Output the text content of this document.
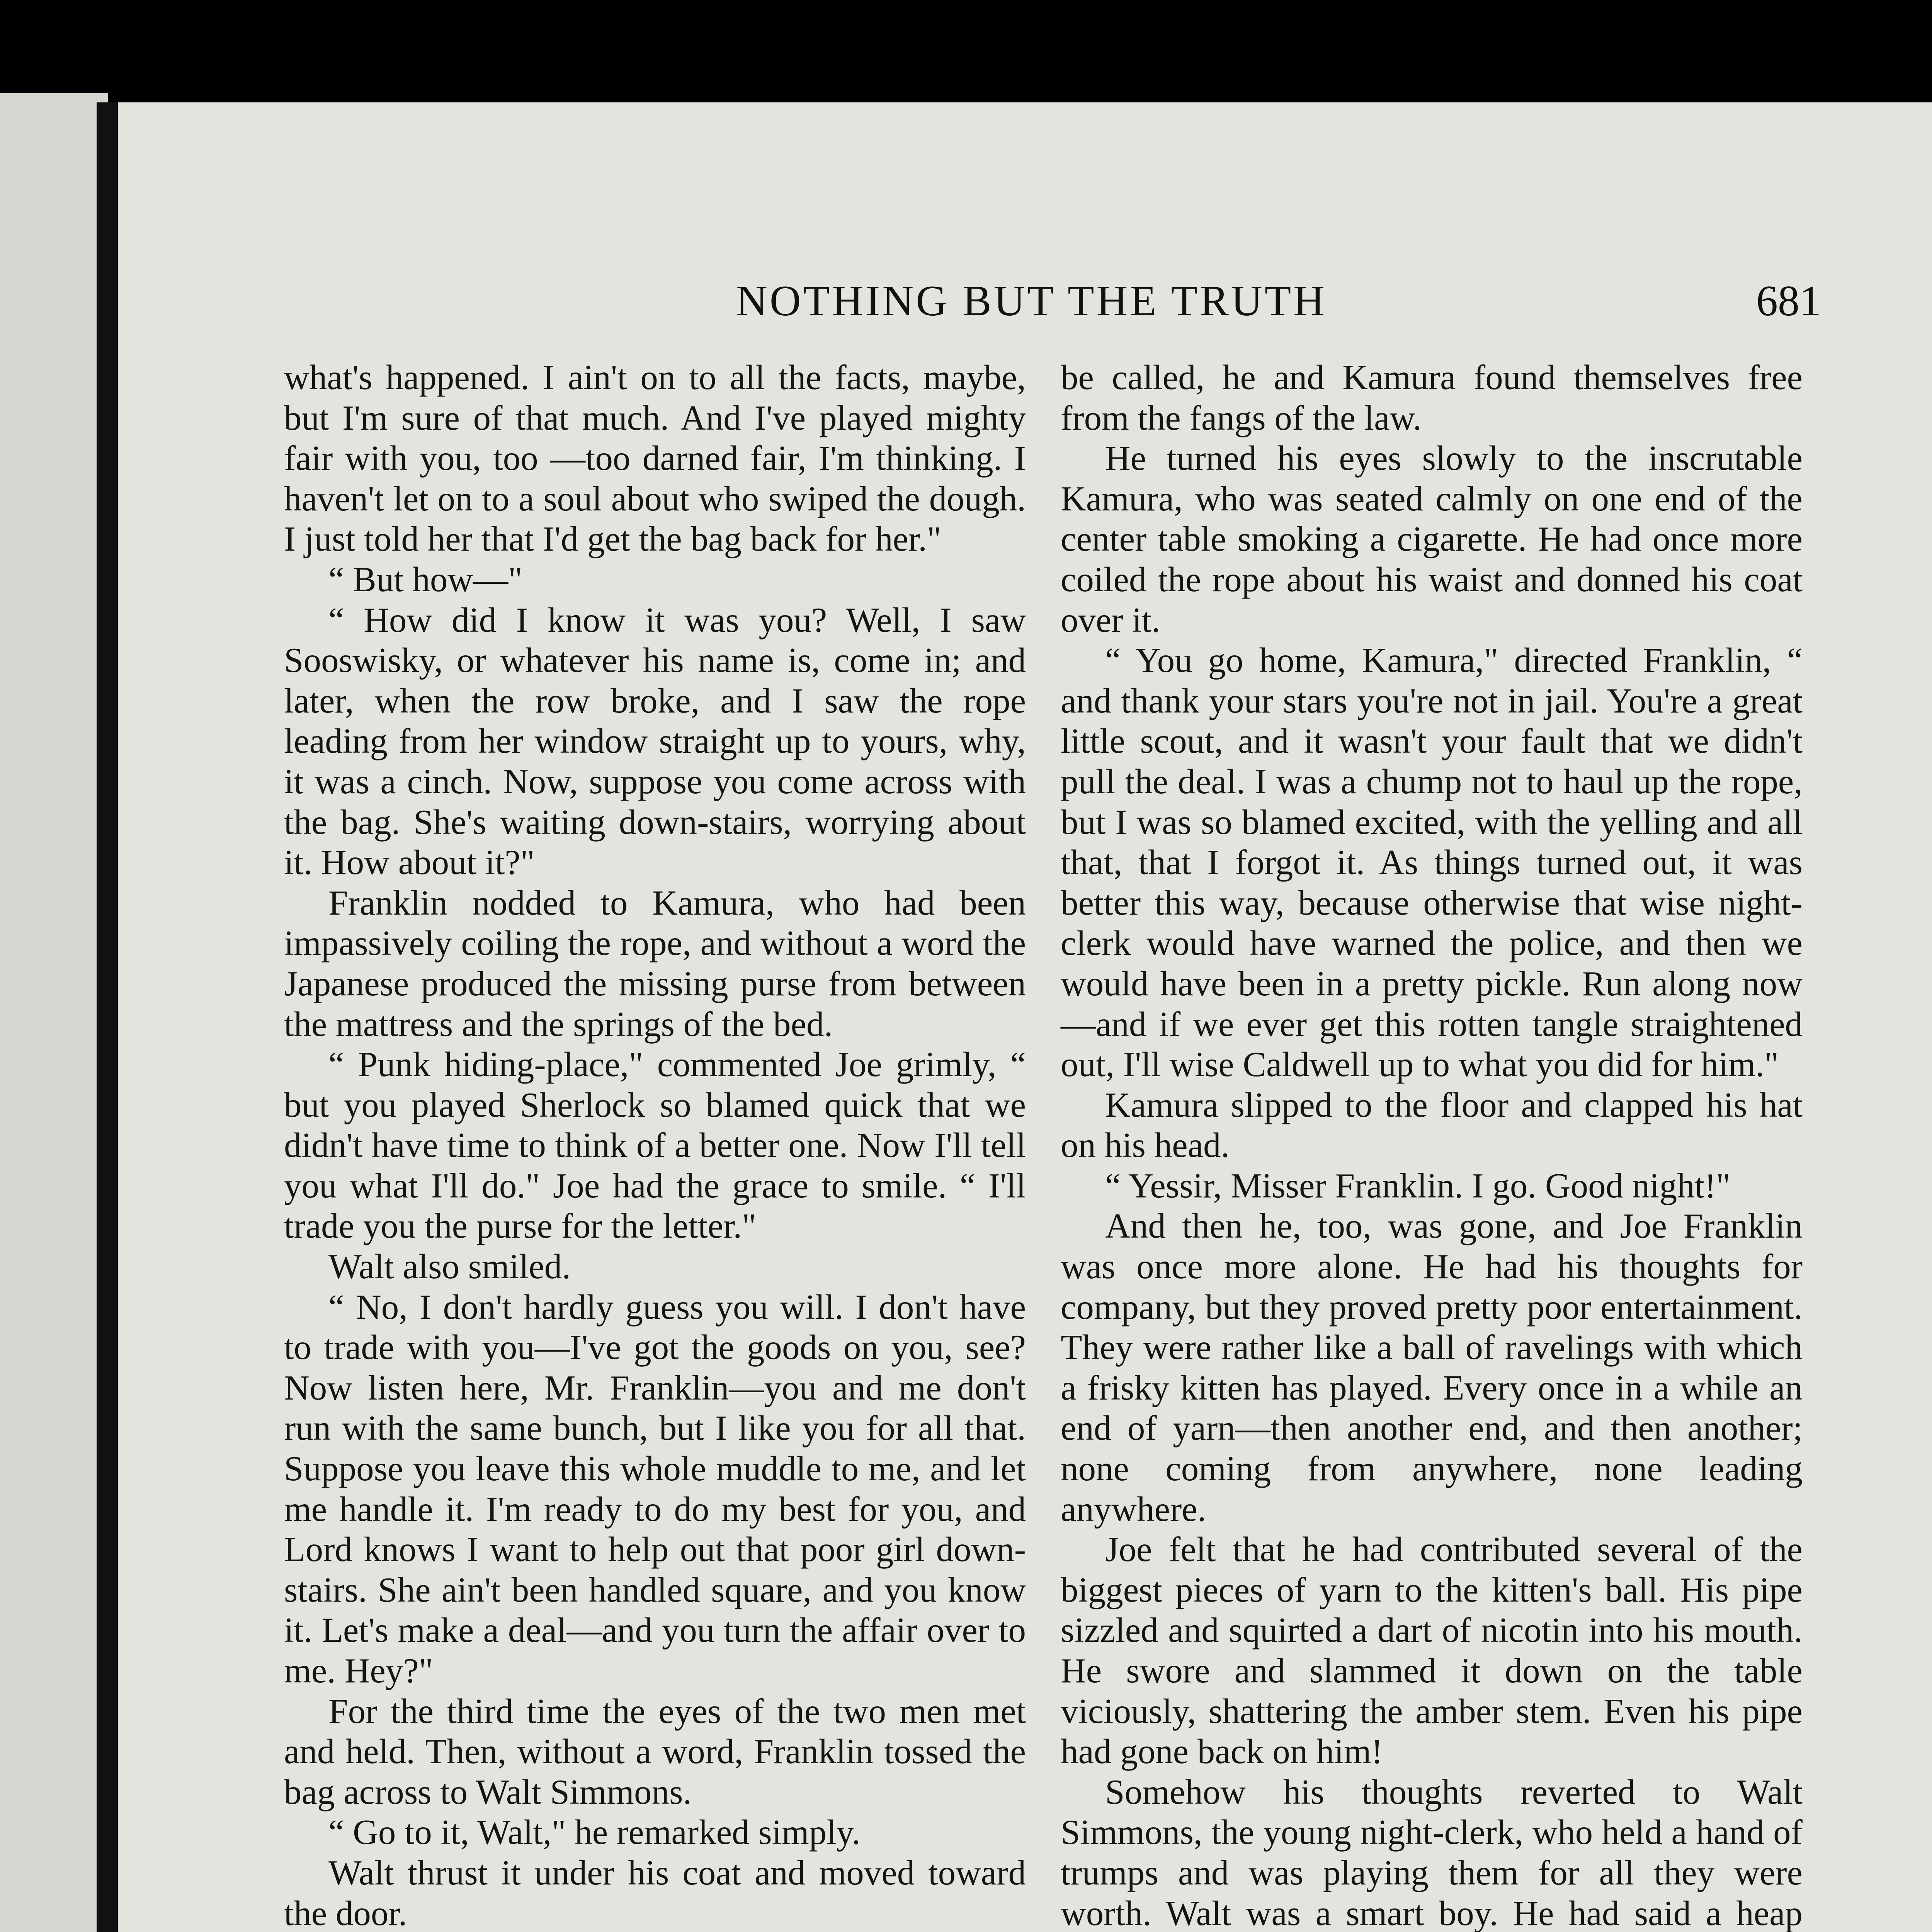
NOTHING BUT THE TRUTH	681

what's happened. I ain't on to all the facts, maybe, but I'm sure of that much. And I've played mighty fair with you, too —too darned fair, I'm thinking. I haven't let on to a soul about who swiped the dough. I just told her that I'd get the bag back for her."

“ But how—"

“ How did I know it was you? Well, I saw Sooswisky, or whatever his name is, come in; and later, when the row broke, and I saw the rope leading from her window straight up to yours, why, it was a cinch. Now, suppose you come across with the bag. She's waiting down-stairs, worrying about it. How about it?"

Franklin nodded to Kamura, who had been impassively coiling the rope, and without a word the Japanese produced the missing purse from between the mattress and the springs of the bed.

“ Punk hiding-place," commented Joe grimly, “ but you played Sherlock so blamed quick that we didn't have time to think of a better one. Now I'll tell you what I'll do." Joe had the grace to smile. “ I'll trade you the purse for the letter."

Walt also smiled.

“ No, I don't hardly guess you will. I don't have to trade with you—I've got the goods on you, see? Now listen here, Mr. Franklin—you and me don't run with the same bunch, but I like you for all that. Suppose you leave this whole muddle to me, and let me handle it. I'm ready to do my best for you, and Lord knows I want to help out that poor girl down-stairs. She ain't been handled square, and you know it. Let's make a deal—and you turn the affair over to me. Hey?"

For the third time the eyes of the two men met and held. Then, without a word, Franklin tossed the bag across to Walt Simmons.

“ Go to it, Walt," he remarked simply.

Walt thrust it under his coat and moved toward the door.

be called, he and Kamura found themselves free from the fangs of the law.

He turned his eyes slowly to the inscrutable Kamura, who was seated calmly on one end of the center table smoking a cigarette. He had once more coiled the rope about his waist and donned his coat over it.

“ You go home, Kamura," directed Franklin, “ and thank your stars you're not in jail. You're a great little scout, and it wasn't your fault that we didn't pull the deal. I was a chump not to haul up the rope, but I was so blamed excited, with the yelling and all that, that I forgot it. As things turned out, it was better this way, because otherwise that wise night-clerk would have warned the police, and then we would have been in a pretty pickle. Run along now—and if we ever get this rotten tangle straightened out, I'll wise Caldwell up to what you did for him."

Kamura slipped to the floor and clapped his hat on his head.

“ Yessir, Misser Franklin. I go. Good night!"

And then he, too, was gone, and Joe Franklin was once more alone. He had his thoughts for company, but they proved pretty poor entertainment. They were rather like a ball of ravelings with which a frisky kitten has played. Every once in a while an end of yarn—then another end, and then another; none coming from anywhere, none leading anywhere.

Joe felt that he had contributed several of the biggest pieces of yarn to the kitten's ball. His pipe sizzled and squirted a dart of nicotin into his mouth. He swore and slammed it down on the table viciously, shattering the amber stem. Even his pipe had gone back on him!

Somehow his thoughts reverted to Walt Simmons, the young night-clerk, who held a hand of trumps and was playing them for all they were worth. Walt was a smart boy. He had said a heap
